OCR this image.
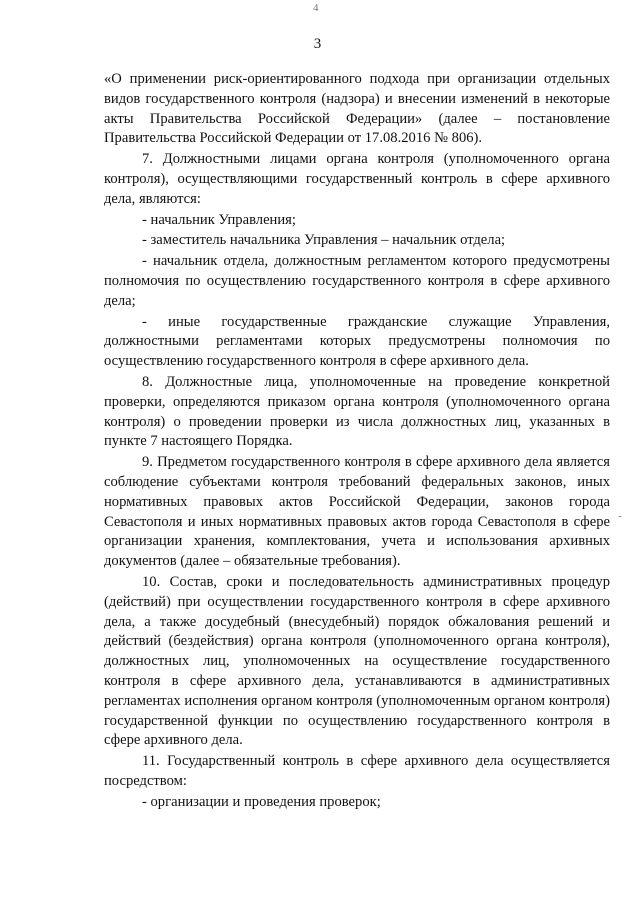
4
-
3

«О применении риск-ориентированного подхода при организации отдельных видов государственного контроля (надзора) и внесении изменений в некоторые акты Правительства Российской Федерации» (далее – постановление Правительства Российской Федерации от 17.08.2016 № 806).

7. Должностными лицами органа контроля (уполномоченного органа контроля), осуществляющими государственный контроль в сфере архивного дела, являются:

- начальник Управления;

- заместитель начальника Управления – начальник отдела;

- начальник отдела, должностным регламентом которого предусмотрены полномочия по осуществлению государственного контроля в сфере архивного дела;

- иные государственные гражданские служащие Управления, должностными регламентами которых предусмотрены полномочия по осуществлению государственного контроля в сфере архивного дела.

8. Должностные лица, уполномоченные на проведение конкретной проверки, определяются приказом органа контроля (уполномоченного органа контроля) о проведении проверки из числа должностных лиц, указанных в пункте 7 настоящего Порядка.

9. Предметом государственного контроля в сфере архивного дела является соблюдение субъектами контроля требований федеральных законов, иных нормативных правовых актов Российской Федерации, законов города Севастополя и иных нормативных правовых актов города Севастополя в сфере организации хранения, комплектования, учета и использования архивных документов (далее – обязательные требования).

10. Состав, сроки и последовательность административных процедур (действий) при осуществлении государственного контроля в сфере архивного дела, а также досудебный (внесудебный) порядок обжалования решений и действий (бездействия) органа контроля (уполномоченного органа контроля), должностных лиц, уполномоченных на осуществление государственного контроля в сфере архивного дела, устанавливаются в административных регламентах исполнения органом контроля (уполномоченным органом контроля) государственной функции по осуществлению государственного контроля в сфере архивного дела.

11. Государственный контроль в сфере архивного дела осуществляется посредством:

- организации и проведения проверок;
